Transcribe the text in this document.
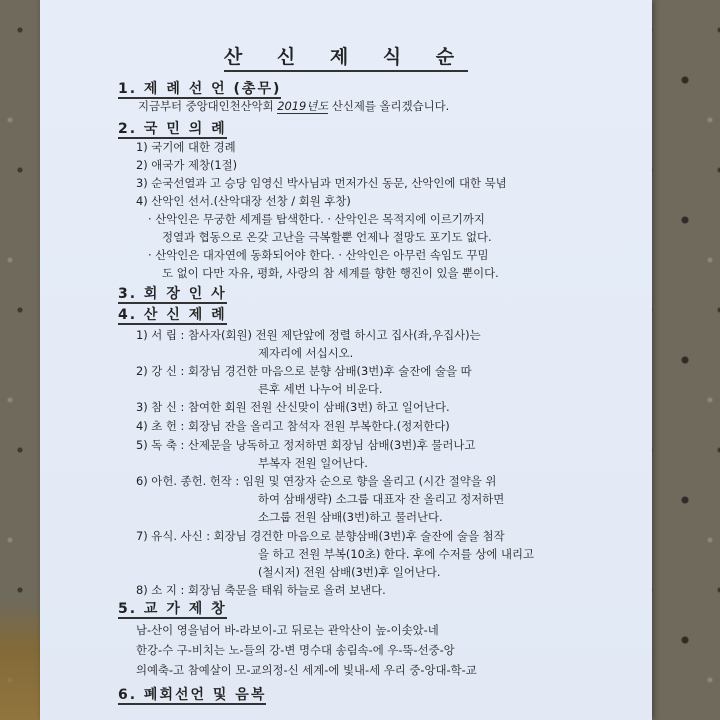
산 신 제 식 순
1. 제 례 선 언 (총무)
지금부터 중앙대인천산악회 2019년도 산신제를 올리겠습니다.
2. 국 민 의 례
1) 국기에 대한 경례
2) 애국가 제창(1절)
3) 순국선열과 고 승당 임영신 박사님과 먼저가신 동문, 산악인에 대한 묵념
4) 산악인 선서.(산악대장 선창 / 회원 후창)
· 산악인은 무궁한 세계를 탐색한다. · 산악인은 목적지에 이르기까지
정열과 협동으로 온갖 고난을 극복할뿐 언제나 절망도 포기도 없다.
· 산악인은 대자연에 동화되어야 한다. · 산악인은 아무런 속임도 꾸밈
도 없이 다만 자유, 평화, 사랑의 참 세계를 향한 행진이 있을 뿐이다.
3. 회 장 인 사
4. 산 신 제 례
1) 서 립 : 참사자(회원) 전원 제단앞에 정렬 하시고 집사(좌,우집사)는
제자리에 서십시오.
2) 강 신 : 회장님 경건한 마음으로 분향 삼배(3번)후 술잔에 술을 따
른후 세번 나누어 비운다.
3) 참 신 : 참여한 회원 전원 산신맞이 삼배(3번) 하고 일어난다.
4) 초 헌 : 회장님 잔을 올리고 참석자 전원 부복한다.(정저한다)
5) 독 축 : 산제문을 낭독하고 정저하면 회장님 삼배(3번)후 물러나고
부복자 전원 일어난다.
6) 아헌. 종헌. 헌작 : 임원 및 연장자 순으로 향을 올리고 (시간 절약을 위
하여 삼배생략) 소그룹 대표자 잔 올리고 정저하면
소그룹 전원 삼배(3번)하고 물러난다.
7) 유식. 사신 : 회장님 경건한 마음으로 분향삼배(3번)후 술잔에 술을 첨작
을 하고 전원 부복(10초) 한다. 후에 수저를 상에 내리고
(철시저) 전원 삼배(3번)후 일어난다.
8) 소 지 : 회장님 축문을 태워 하늘로 올려 보낸다.
5. 교 가 제 창
남-산이 영을넘어 바-라보이-고 뒤로는 관악산이 높-이솟았-네
한강-수 구-비치는 노-들의 강-변 명수대 송림속-에 우-뚝-선중-앙
의예축-고 참예살이 모-교의정-신 세계-에 빛내-세 우리 중-앙대-학-교
6. 폐회선언 및 음복
